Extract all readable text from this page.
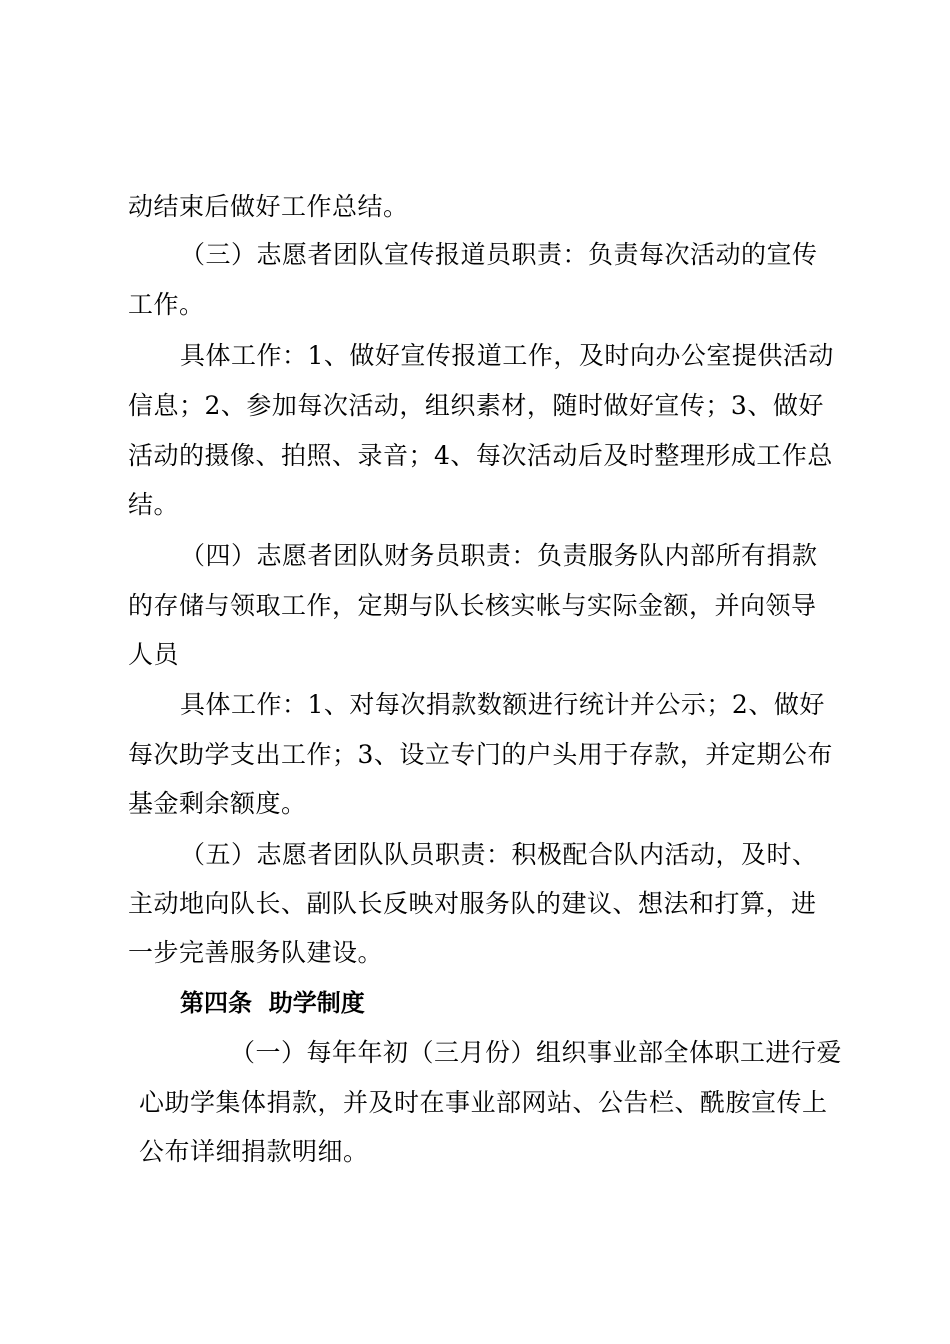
动结束后做好工作总结。

（三）志愿者团队宣传报道员职责：负责每次活动的宣传

工作。

具体工作：1、做好宣传报道工作，及时向办公室提供活动

信息；2、参加每次活动，组织素材，随时做好宣传；3、做好

活动的摄像、拍照、录音；4、每次活动后及时整理形成工作总

结。

（四）志愿者团队财务员职责：负责服务队内部所有捐款

的存储与领取工作，定期与队长核实帐与实际金额，并向领导

人员

具体工作：1、对每次捐款数额进行统计并公示；2、做好

每次助学支出工作；3、设立专门的户头用于存款，并定期公布

基金剩余额度。

（五）志愿者团队队员职责：积极配合队内活动，及时、

主动地向队长、副队长反映对服务队的建议、想法和打算，进

一步完善服务队建设。

第四条  助学制度

（一）每年年初（三月份）组织事业部全体职工进行爱

心助学集体捐款，并及时在事业部网站、公告栏、酰胺宣传上

公布详细捐款明细。
